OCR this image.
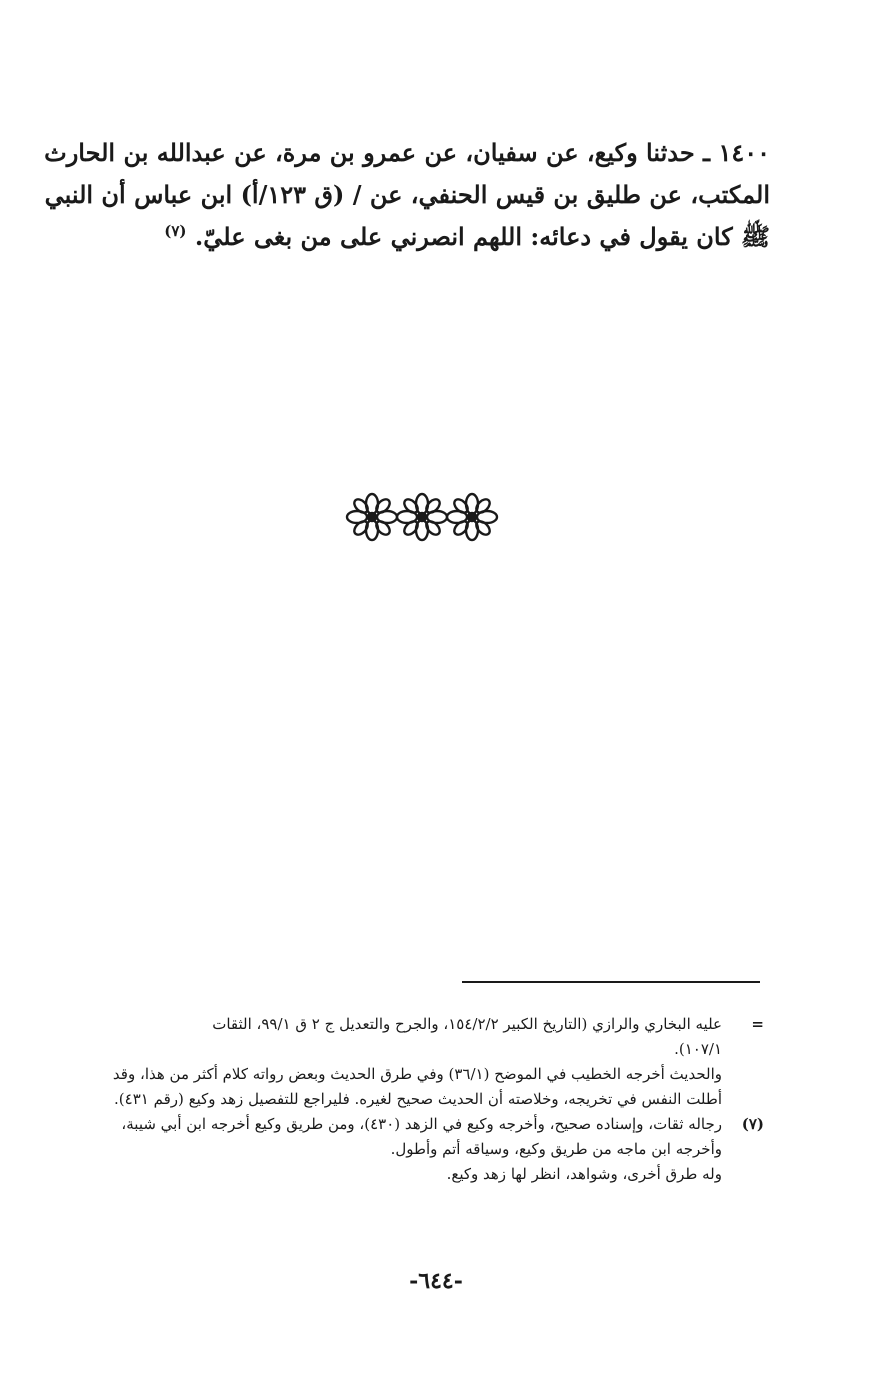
١٤٠٠ ـ حدثنا وكيع، عن سفيان، عن عمرو بن مرة، عن عبدالله بن الحارث
المكتب، عن طليق بن قيس الحنفي، عن / (ق ١٢٣/أ) ابن عباس أن النبي
ﷺ كان يقول في دعائه: اللهم انصرني على من بغى عليّ. $^{(٧)}$
=
عليه البخاري والرازي (التاريخ الكبير ١٥٤/٢/٢، والجرح والتعديل ج ٢ ق ٩٩/١، الثقات
١٠٧/١).
والحديث أخرجه الخطيب في الموضح (٣٦/١) وفي طرق الحديث وبعض رواته كلام أكثر من هذا، وقد
أطلت النفس في تخريجه، وخلاصته أن الحديث صحيح لغيره. فليراجع للتفصيل زهد وكيع (رقم ٤٣١).
(٧)
رجاله ثقات، وإسناده صحيح، وأخرجه وكيع في الزهد (٤٣٠)، ومن طريق وكيع أخرجه ابن أبي شيبة،
وأخرجه ابن ماجه من طريق وكيع، وسياقه أتم وأطول.
وله طرق أخرى، وشواهد، انظر لها زهد وكيع.
-٦٤٤-
